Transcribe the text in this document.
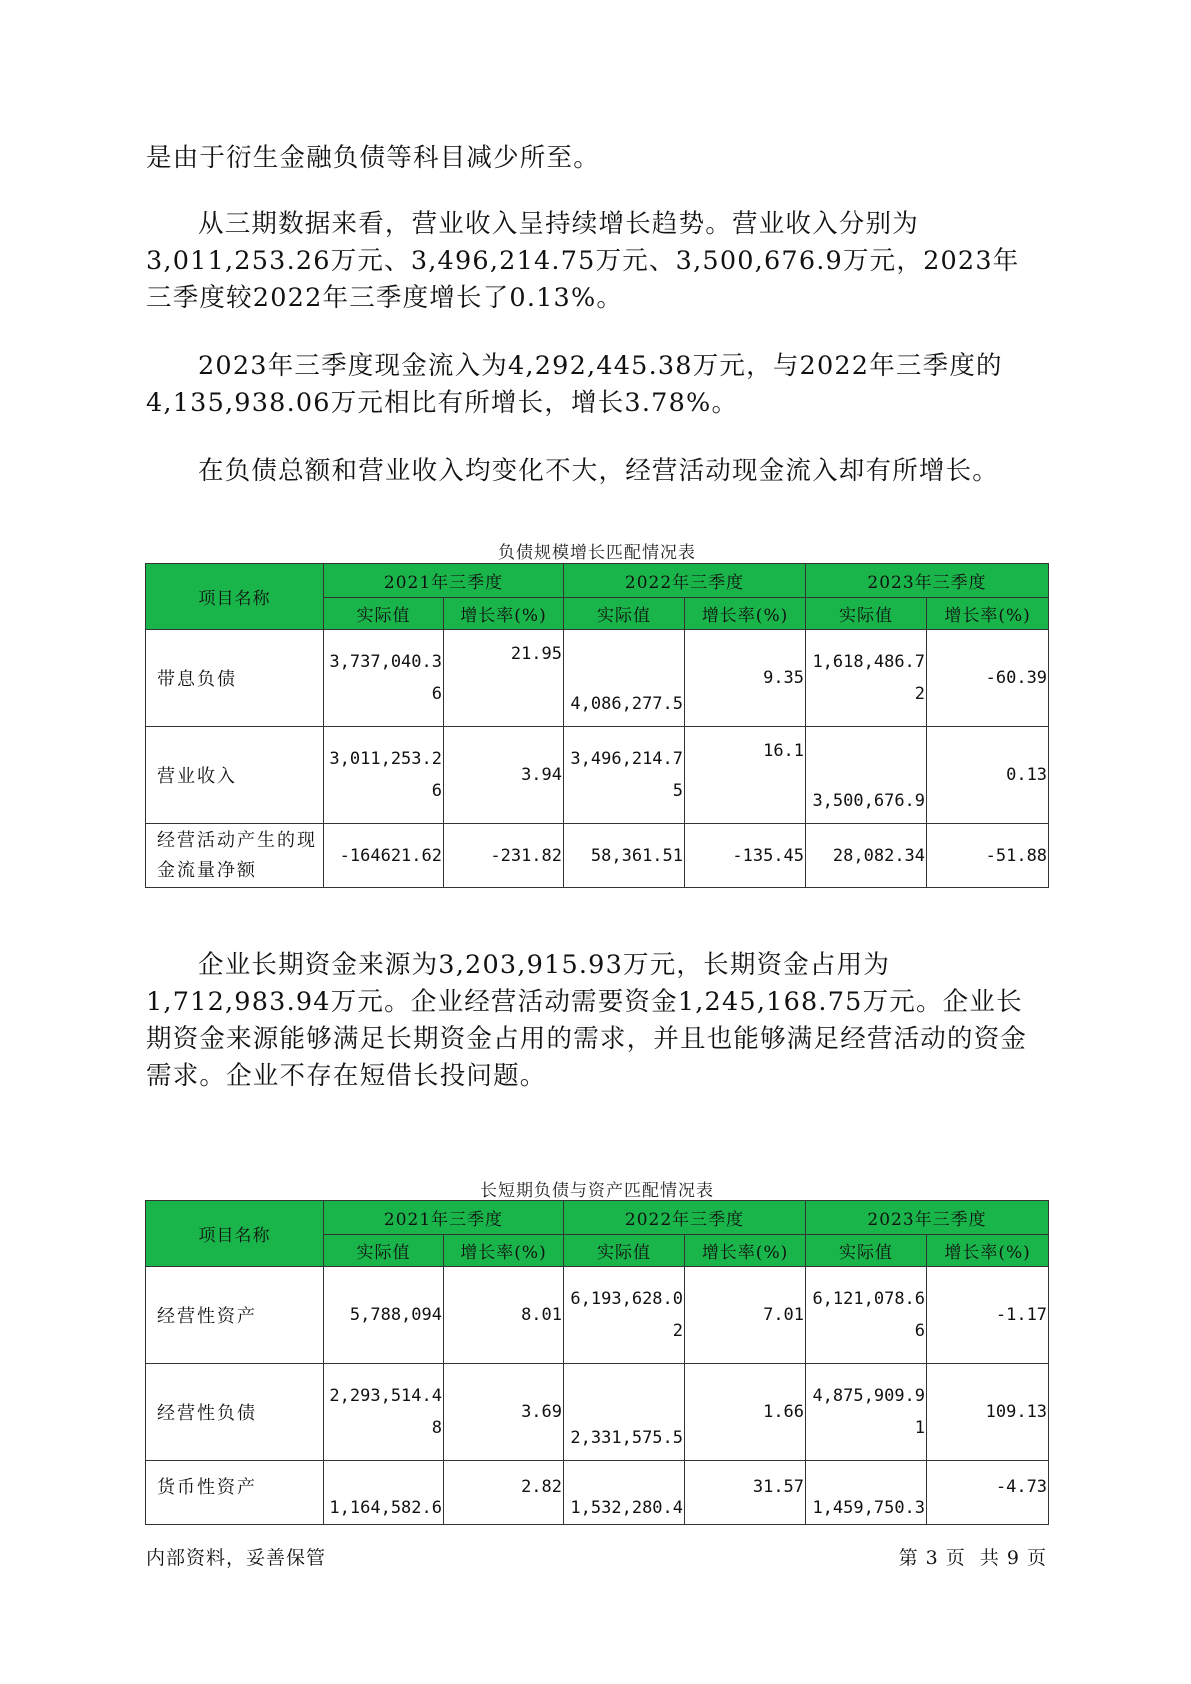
是由于衍生金融负债等科目减少所至。

从三期数据来看，营业收入呈持续增长趋势。营业收入分别为3,011,253.26万元、3,496,214.75万元、3,500,676.9万元，2023年三季度较2022年三季度增长了0.13%。

2023年三季度现金流入为4,292,445.38万元，与2022年三季度的4,135,938.06万元相比有所增长，增长3.78%。

在负债总额和营业收入均变化不大，经营活动现金流入却有所增长。

负债规模增长匹配情况表

项目名称	2021年三季度		2022年三季度		2023年三季度	
	实际值	增长率(%)	实际值	增长率(%)	实际值	增长率(%)
带息负债	3,737,040.36	21.95	4,086,277.5	9.35	1,618,486.72	-60.39
营业收入	3,011,253.26	3.94	3,496,214.75	16.1	3,500,676.9	0.13
经营活动产生的现金流量净额	-164621.62	-231.82	58,361.51	-135.45	28,082.34	-51.88

企业长期资金来源为3,203,915.93万元，长期资金占用为1,712,983.94万元。企业经营活动需要资金1,245,168.75万元。企业长期资金来源能够满足长期资金占用的需求，并且也能够满足经营活动的资金需求。企业不存在短借长投问题。

长短期负债与资产匹配情况表

项目名称	2021年三季度		2022年三季度		2023年三季度	
	实际值	增长率(%)	实际值	增长率(%)	实际值	增长率(%)
经营性资产	5,788,094	8.01	6,193,628.02	7.01	6,121,078.66	-1.17
经营性负债	2,293,514.48	3.69	2,331,575.5	1.66	4,875,909.91	109.13
货币性资产	1,164,582.6	2.82	1,532,280.4	31.57	1,459,750.3	-4.73
内部资料，妥善保管	第 3 页  共 9 页
